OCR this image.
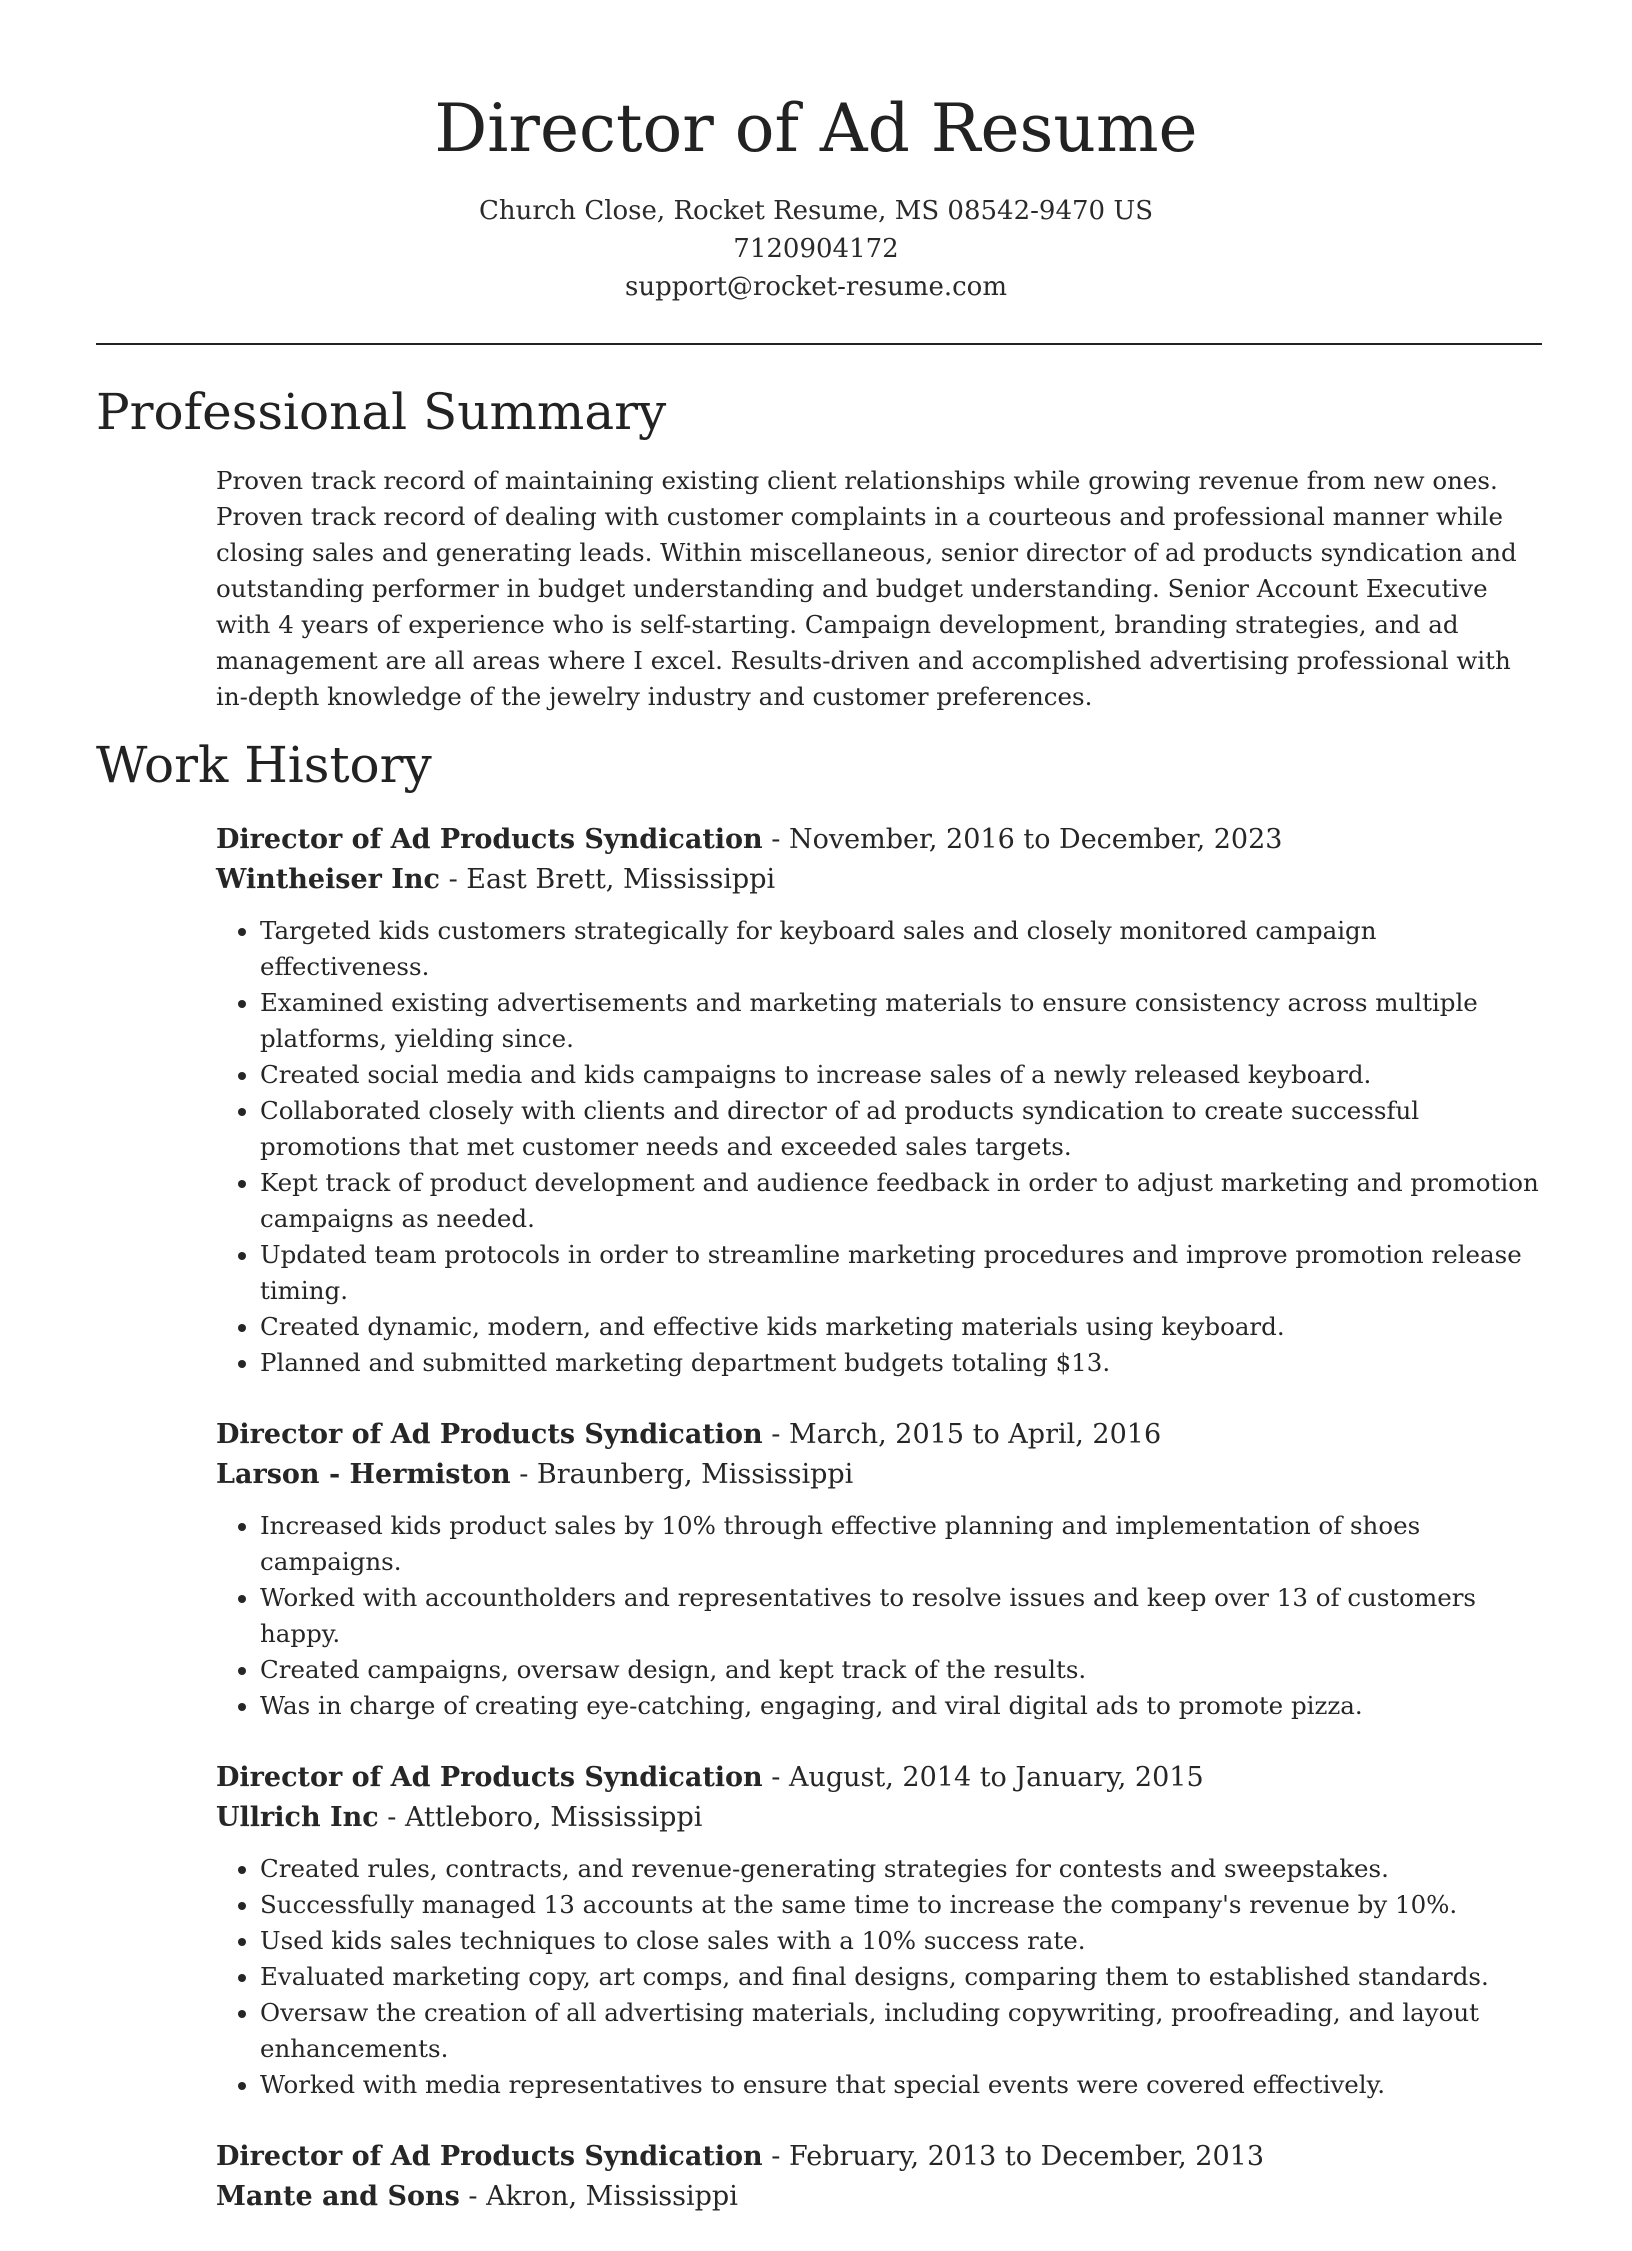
Director of Ad Resume
Church Close, Rocket Resume, MS 08542-9470 US
7120904172
support@rocket-resume.com
Professional Summary

Proven track record of maintaining existing client relationships while growing revenue from new ones. Proven track record of dealing with customer complaints in a courteous and professional manner while closing sales and generating leads. Within miscellaneous, senior director of ad products syndication and outstanding performer in budget understanding and budget understanding. Senior Account Executive with 4 years of experience who is self-starting. Campaign development, branding strategies, and ad management are all areas where I excel. Results-driven and accomplished advertising professional with in-depth knowledge of the jewelry industry and customer preferences.

Work History
Director of Ad Products Syndication - November, 2016 to December, 2023
Wintheiser Inc - East Brett, Mississippi
• Targeted kids customers strategically for keyboard sales and closely monitored campaign effectiveness.
• Examined existing advertisements and marketing materials to ensure consistency across multiple platforms, yielding since.
• Created social media and kids campaigns to increase sales of a newly released keyboard.
• Collaborated closely with clients and director of ad products syndication to create successful promotions that met customer needs and exceeded sales targets.
• Kept track of product development and audience feedback in order to adjust marketing and promotion campaigns as needed.
• Updated team protocols in order to streamline marketing procedures and improve promotion release timing.
• Created dynamic, modern, and effective kids marketing materials using keyboard.
• Planned and submitted marketing department budgets totaling $13.
Director of Ad Products Syndication - March, 2015 to April, 2016
Larson - Hermiston - Braunberg, Mississippi
• Increased kids product sales by 10% through effective planning and implementation of shoes campaigns.
• Worked with accountholders and representatives to resolve issues and keep over 13 of customers happy.
• Created campaigns, oversaw design, and kept track of the results.
• Was in charge of creating eye-catching, engaging, and viral digital ads to promote pizza.
Director of Ad Products Syndication - August, 2014 to January, 2015
Ullrich Inc - Attleboro, Mississippi
• Created rules, contracts, and revenue-generating strategies for contests and sweepstakes.
• Successfully managed 13 accounts at the same time to increase the company's revenue by 10%.
• Used kids sales techniques to close sales with a 10% success rate.
• Evaluated marketing copy, art comps, and final designs, comparing them to established standards.
• Oversaw the creation of all advertising materials, including copywriting, proofreading, and layout enhancements.
• Worked with media representatives to ensure that special events were covered effectively.
Director of Ad Products Syndication - February, 2013 to December, 2013
Mante and Sons - Akron, Mississippi
